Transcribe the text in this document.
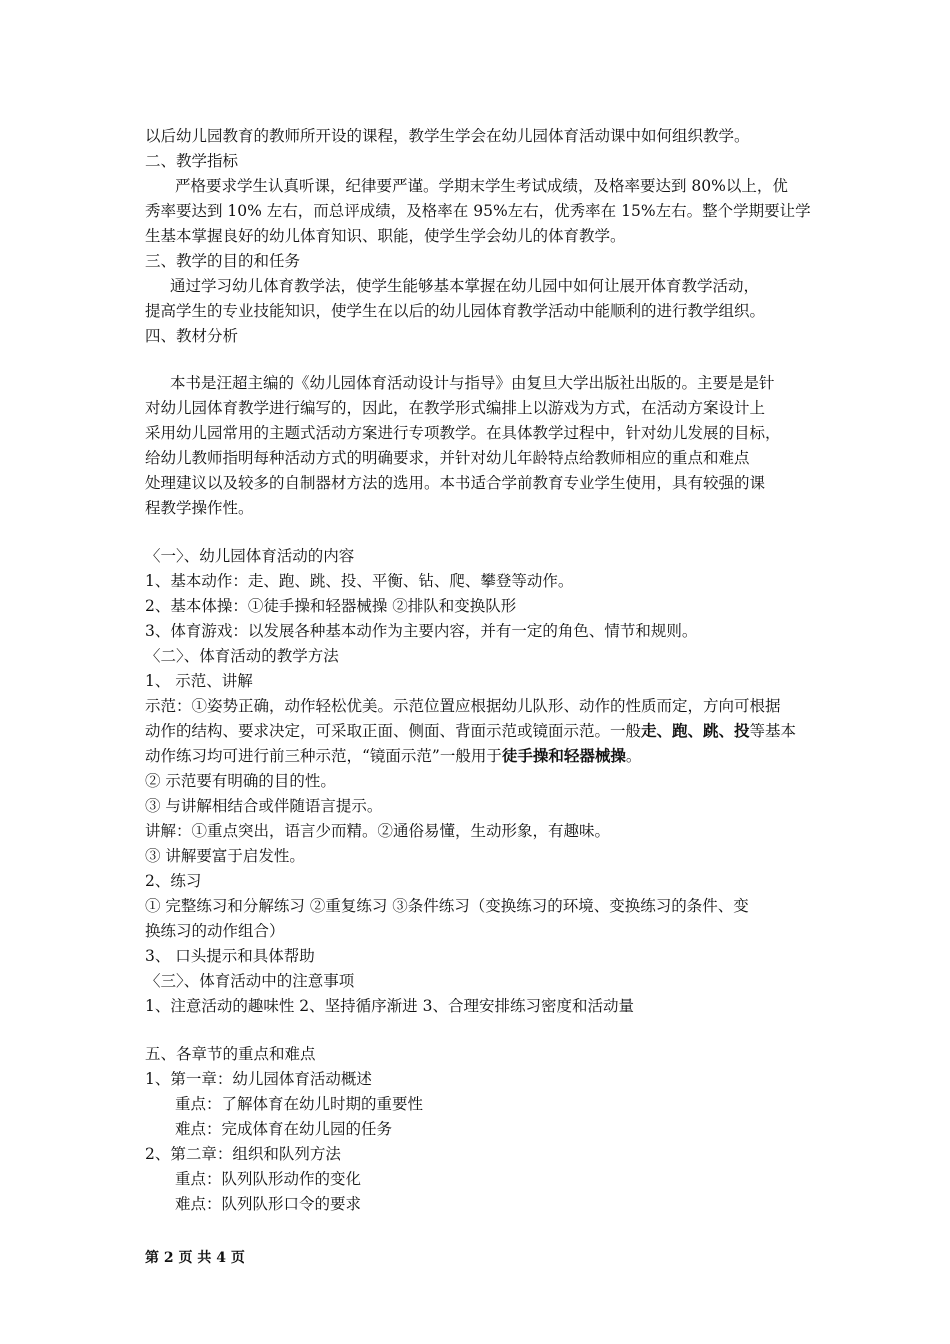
以后幼儿园教育的教师所开设的课程，教学生学会在幼儿园体育活动课中如何组织教学。
二、教学指标
严格要求学生认真听课，纪律要严谨。学期末学生考试成绩，及格率要达到 80%以上，优
秀率要达到 10% 左右，而总评成绩，及格率在 95%左右，优秀率在 15%左右。整个学期要让学
生基本掌握良好的幼儿体育知识、职能，使学生学会幼儿的体育教学。
三、教学的目的和任务
通过学习幼儿体育教学法，使学生能够基本掌握在幼儿园中如何让展开体育教学活动，
提高学生的专业技能知识，使学生在以后的幼儿园体育教学活动中能顺利的进行教学组织。
四、教材分析
本书是汪超主编的《幼儿园体育活动设计与指导》由复旦大学出版社出版的。主要是是针
对幼儿园体育教学进行编写的，因此，在教学形式编排上以游戏为方式，在活动方案设计上
采用幼儿园常用的主题式活动方案进行专项教学。在具体教学过程中，针对幼儿发展的目标，
给幼儿教师指明每种活动方式的明确要求，并针对幼儿年龄特点给教师相应的重点和难点
处理建议以及较多的自制器材方法的选用。本书适合学前教育专业学生使用，具有较强的课
程教学操作性。
〈一〉、幼儿园体育活动的内容
1、基本动作：走、跑、跳、投、平衡、钻、爬、攀登等动作。
2、基本体操：①徒手操和轻器械操 ②排队和变换队形
3、体育游戏：以发展各种基本动作为主要内容，并有一定的角色、情节和规则。
〈二〉、体育活动的教学方法
1、 示范、讲解
示范：①姿势正确，动作轻松优美。示范位置应根据幼儿队形、动作的性质而定，方向可根据
动作的结构、要求决定，可采取正面、侧面、背面示范或镜面示范。一般走、跑、跳、投等基本
动作练习均可进行前三种示范，“镜面示范”一般用于徒手操和轻器械操。
② 示范要有明确的目的性。
③ 与讲解相结合或伴随语言提示。
讲解：①重点突出，语言少而精。②通俗易懂，生动形象，有趣味。
③ 讲解要富于启发性。
2、练习
① 完整练习和分解练习 ②重复练习 ③条件练习（变换练习的环境、变换练习的条件、变
换练习的动作组合）
3、 口头提示和具体帮助
〈三〉、体育活动中的注意事项
1、注意活动的趣味性 2、坚持循序渐进 3、合理安排练习密度和活动量
五、各章节的重点和难点
1、第一章：幼儿园体育活动概述
重点：了解体育在幼儿时期的重要性
难点：完成体育在幼儿园的任务
2、第二章：组织和队列方法
重点：队列队形动作的变化
难点：队列队形口令的要求
第 2 页 共 4 页
